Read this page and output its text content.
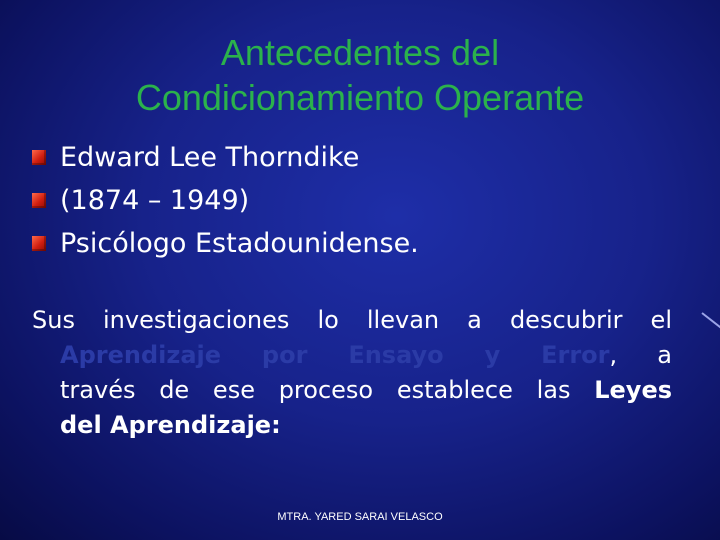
Antecedentes del
Condicionamiento Operante
Edward Lee Thorndike
(1874 – 1949)
Psicólogo Estadounidense.
Sus investigaciones lo llevan a descubrir el
Aprendizaje por Ensayo y Error, a
través de ese proceso establece las Leyes
del Aprendizaje:
MTRA. YARED SARAI VELASCO
